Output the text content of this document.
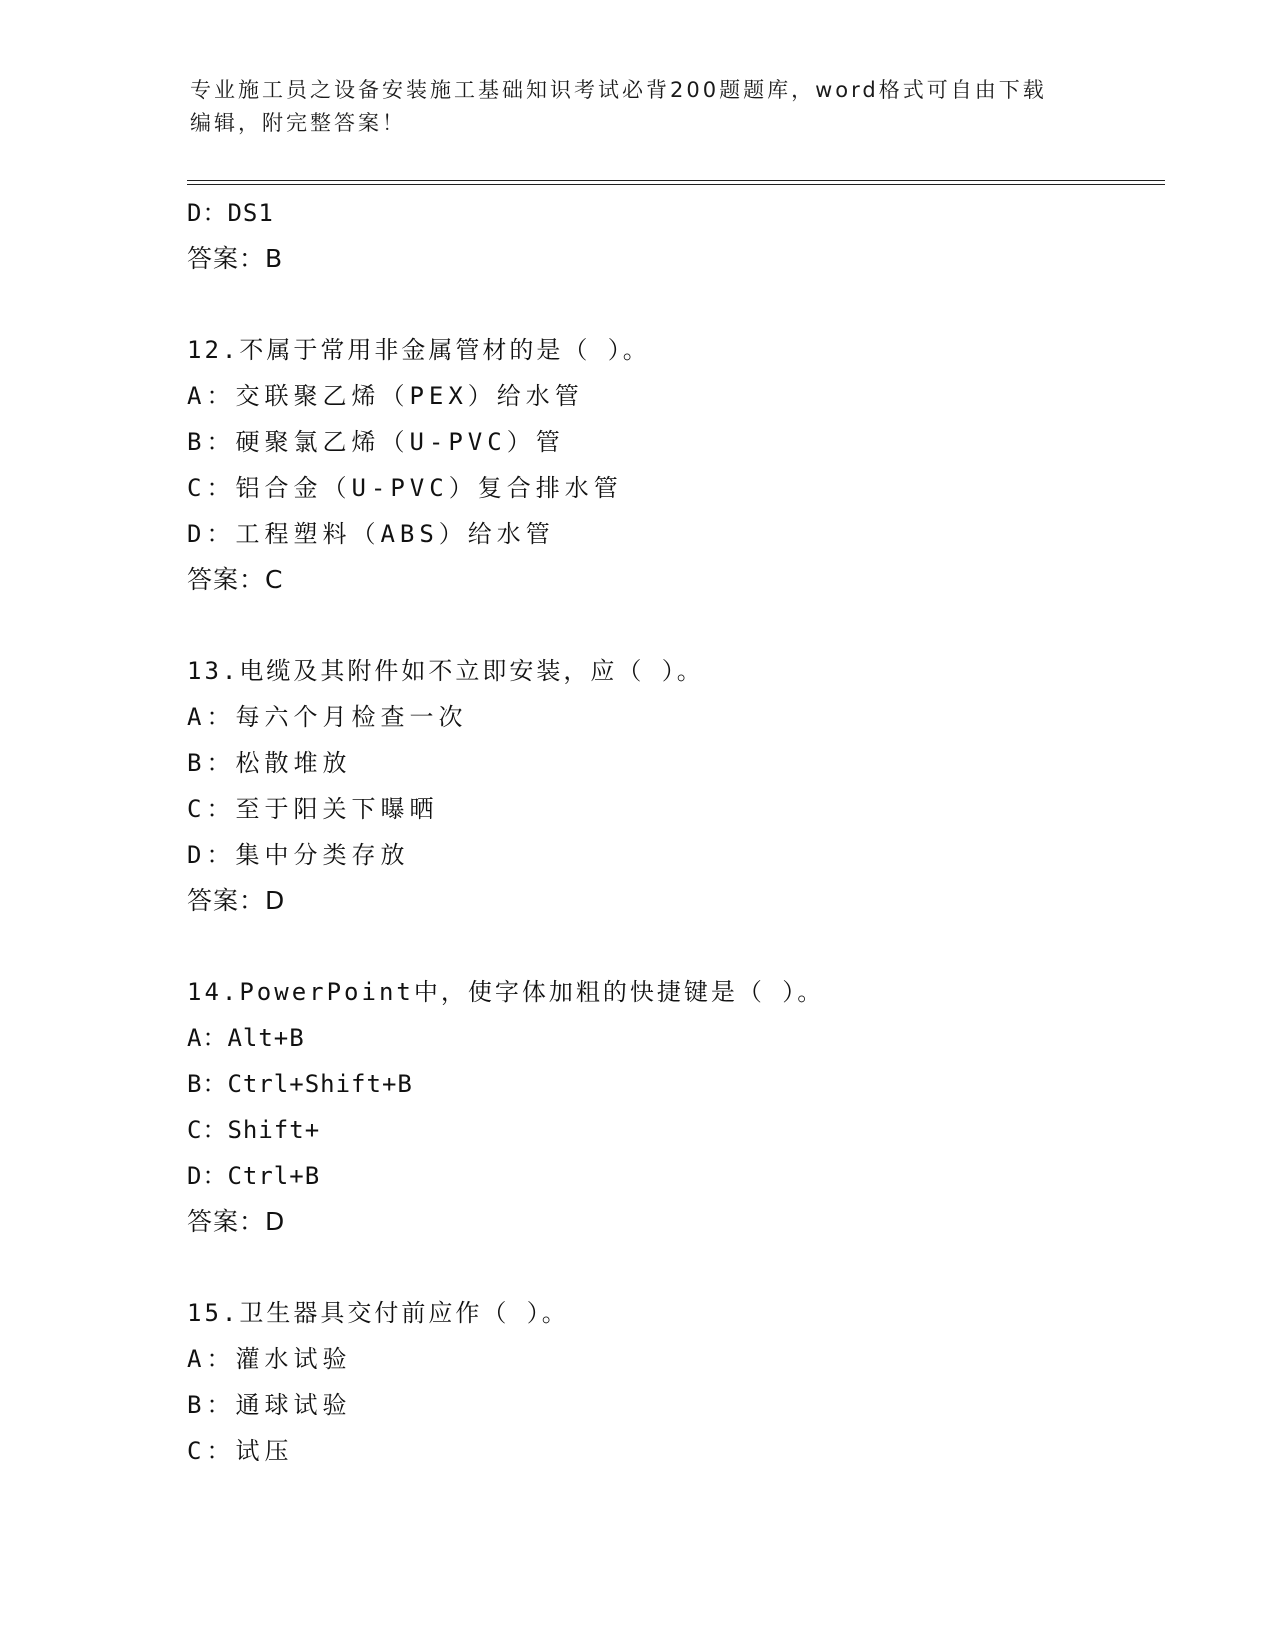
专业施工员之设备安装施工基础知识考试必背200题题库，word格式可自由下载
编辑，附完整答案！
D：DS1
答案：B
12.不属于常用非金属管材的是（ ）。
A：交联聚乙烯（PEX）给水管
B：硬聚氯乙烯（U-PVC）管
C：铝合金（U-PVC）复合排水管
D：工程塑料（ABS）给水管
答案：C
13.电缆及其附件如不立即安装，应（ ）。
A：每六个月检查一次
B：松散堆放
C：至于阳关下曝晒
D：集中分类存放
答案：D
14.PowerPoint中，使字体加粗的快捷键是（ ）。
A：Alt+B
B：Ctrl+Shift+B
C：Shift+
D：Ctrl+B
答案：D
15.卫生器具交付前应作（ ）。
A：灌水试验
B：通球试验
C：试压
